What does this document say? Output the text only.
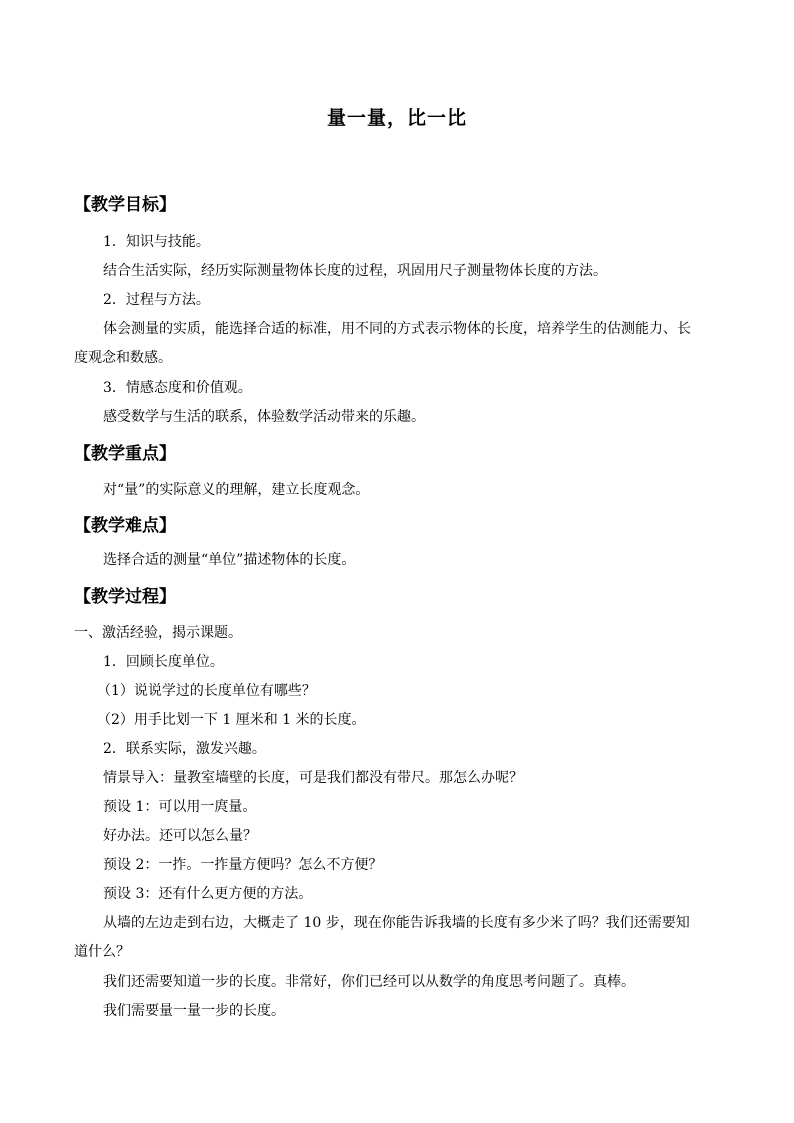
量一量，比一比
【教学目标】

1．知识与技能。

结合生活实际，经历实际测量物体长度的过程，巩固用尺子测量物体长度的方法。

2．过程与方法。

体会测量的实质，能选择合适的标准，用不同的方式表示物体的长度，培养学生的估测能力、长度观念和数感。

3．情感态度和价值观。

感受数学与生活的联系，体验数学活动带来的乐趣。

【教学重点】

对“量”的实际意义的理解，建立长度观念。

【教学难点】

选择合适的测量“单位”描述物体的长度。

【教学过程】

一、激活经验，揭示课题。

1．回顾长度单位。

（1）说说学过的长度单位有哪些？

（2）用手比划一下 1 厘米和 1 米的长度。

2．联系实际，激发兴趣。

情景导入：量教室墙壁的长度，可是我们都没有带尺。那怎么办呢？

预设 1：可以用一庹量。

好办法。还可以怎么量？

预设 2：一拃。一拃量方便吗？怎么不方便？

预设 3：还有什么更方便的方法。

从墙的左边走到右边，大概走了 10 步，现在你能告诉我墙的长度有多少米了吗？我们还需要知道什么？

我们还需要知道一步的长度。非常好，你们已经可以从数学的角度思考问题了。真棒。

我们需要量一量一步的长度。
